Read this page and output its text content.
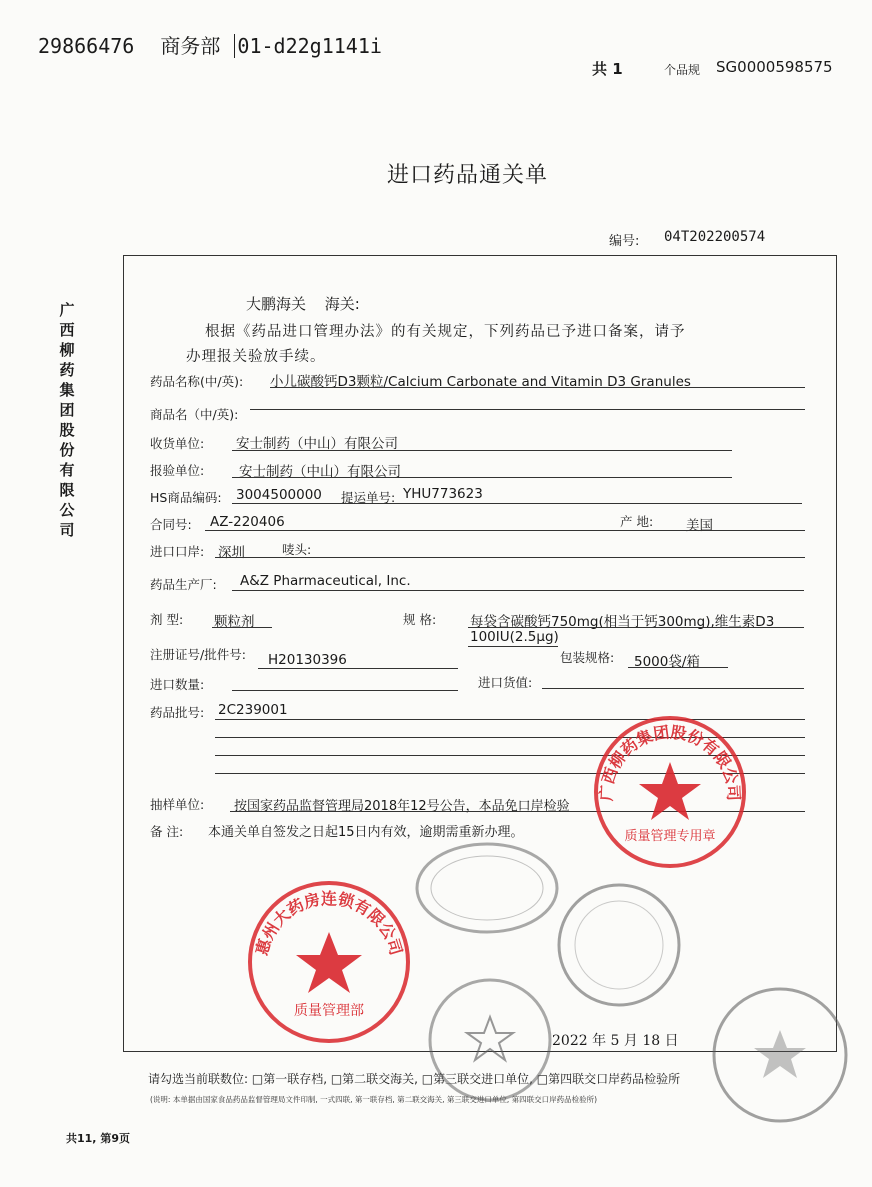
29866476 商务部 01-d22g1141i
共 1	个品规 SG0000598575
进口药品通关单
编号: 04T202200574
广
西
柳
药
集
团
股
份
有
限
公
司
大鹏海关 海关:
根据《药品进口管理办法》的有关规定，下列药品已予进口备案，请予
办理报关验放手续。
药品名称(中/英): 小儿碳酸钙D3颗粒/Calcium Carbonate and Vitamin D3 Granules
商品名（中/英):
收货单位: 安士制药（中山）有限公司
报验单位:	安士制药（中山）有限公司
HS商品编码: 3004500000 提运单号: YHU773623
合同号: AZ-220406	产 地: 美国
进口口岸: 深圳	唛头:
药品生产厂: A&Z Pharmaceutical, Inc.
剂 型: 颗粒剂	规 格:	每袋含碳酸钙750mg(相当于钙300mg),维生素D3
100IU(2.5μg)
注册证号/批件号: H20130396	包装规格: 5000袋/箱
进口数量:	进口货值:
药品批号: 2C239001
抽样单位: 按国家药品监督管理局2018年12号公告，本品免口岸检验
备 注: 本通关单自签发之日起15日内有效，逾期需重新办理。
2022 年 5 月 18 日
请勾选当前联数位: □第一联存档, □第二联交海关, □第三联交进口单位, □第四联交口岸药品检验所
(说明: 本单据由国家食品药品监督管理局文件印制, 一式四联, 第一联存档, 第二联交海关, 第三联交进口单位, 第四联交口岸药品检验所)
共11, 第9页
广西柳药集团股份有限公司
质量管理专用章
惠州大药房连锁有限公司
质量管理部
